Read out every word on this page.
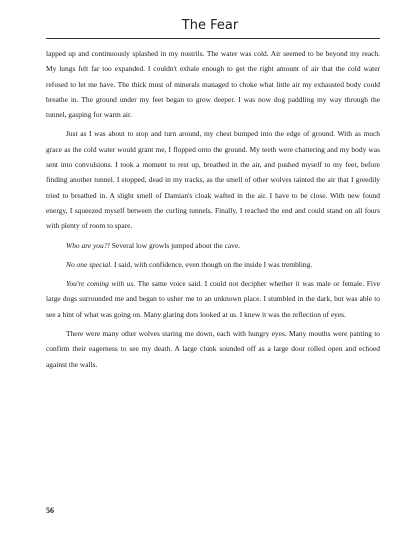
The Fear

lapped up and continuously splashed in my nostrils. The water was cold. Air seemed to be beyond my reach. My lungs felt far too expanded. I couldn't exhale enough to get the right amount of air that the cold water refused to let me have. The thick must of minerals managed to choke what little air my exhausted body could breathe in. The ground under my feet began to grow deeper. I was now dog paddling my way through the tunnel, gasping for warm air.

Just as I was about to stop and turn around, my chest bumped into the edge of ground. With as much grace as the cold water would grant me, I flopped onto the ground. My teeth were chattering and my body was sent into convulsions. I took a moment to rest up, breathed in the air, and pushed myself to my feet, before finding another tunnel. I stopped, dead in my tracks, as the smell of other wolves tainted the air that I greedily tried to breathed in. A slight smell of Damian's cloak wafted in the air. I have to be close. With new found energy, I squeezed myself between the curling tunnels. Finally, I reached the end and could stand on all fours with plenty of room to spare.

Who are you?! Several low growls jumped about the cave.

No one special. I said, with confidence, even though on the inside I was trembling.

You're coming with us. The same voice said. I could not decipher whether it was male or female. Five large dogs surrounded me and began to usher me to an unknown place. I stumbled in the dark, but was able to see a hint of what was going on. Many glaring dots looked at us. I knew it was the reflection of eyes.

There were many other wolves staring me down, each with hungry eyes. Many mouths were panting to confirm their eagerness to see my death. A large clunk sounded off as a large door rolled open and echoed against the walls.

56
